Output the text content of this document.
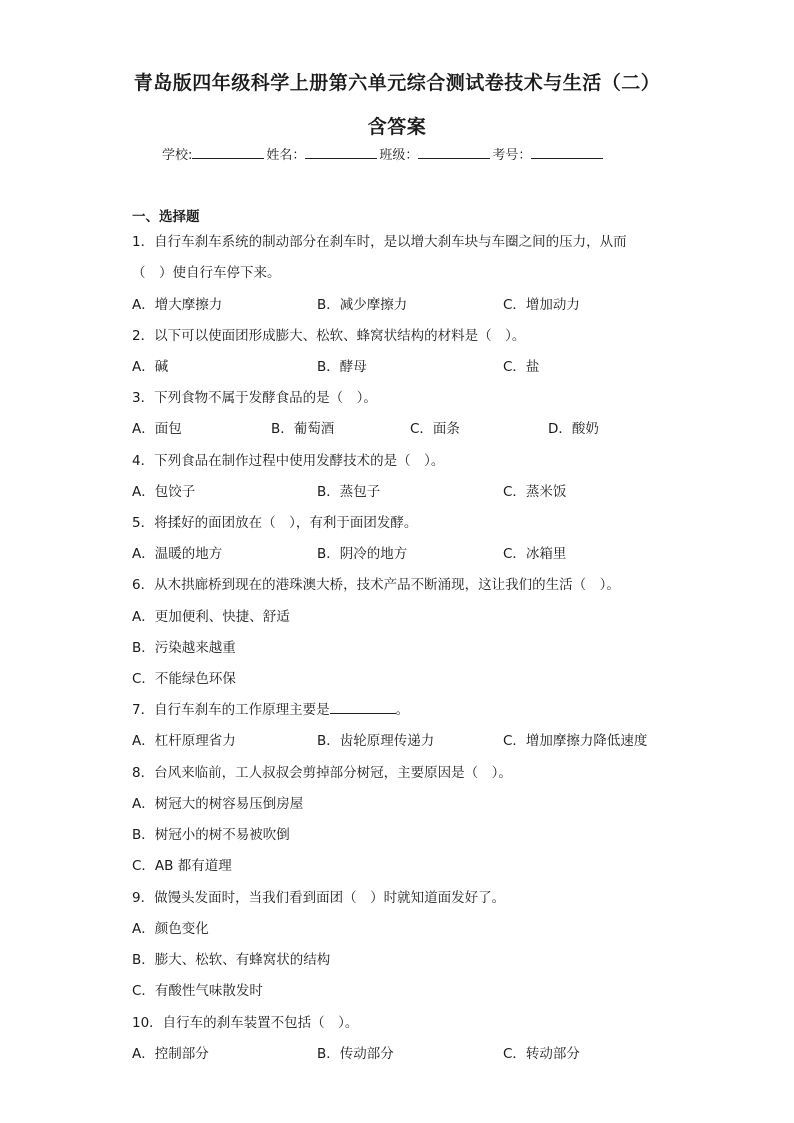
青岛版四年级科学上册第六单元综合测试卷技术与生活（二）
含答案
学校:	姓名：	班级：	考号：
一、选择题
1．自行车刹车系统的制动部分在刹车时，是以增大刹车块与车圈之间的压力，从而
（　）使自行车停下来。
A．增大摩擦力	B．减少摩擦力	C．增加动力
2．以下可以使面团形成膨大、松软、蜂窝状结构的材料是（　）。
A．碱	B．酵母	C．盐
3．下列食物不属于发酵食品的是（　）。
A．面包	B．葡萄酒	C．面条	D．酸奶
4．下列食品在制作过程中使用发酵技术的是（　）。
A．包饺子	B．蒸包子	C．蒸米饭
5．将揉好的面团放在（　），有利于面团发酵。
A．温暖的地方	B．阴冷的地方	C．冰箱里
6．从木拱廊桥到现在的港珠澳大桥，技术产品不断涌现，这让我们的生活（　）。
A．更加便利、快捷、舒适
B．污染越来越重
C．不能绿色环保
7．自行车刹车的工作原理主要是	。
A．杠杆原理省力	B．齿轮原理传递力	C．增加摩擦力降低速度
8．台风来临前，工人叔叔会剪掉部分树冠，主要原因是（　）。
A．树冠大的树容易压倒房屋
B．树冠小的树不易被吹倒
C．AB 都有道理
9．做馒头发面时，当我们看到面团（　）时就知道面发好了。
A．颜色变化
B．膨大、松软、有蜂窝状的结构
C．有酸性气味散发时
10．自行车的刹车装置不包括（　）。
A．控制部分	B．传动部分	C．转动部分
